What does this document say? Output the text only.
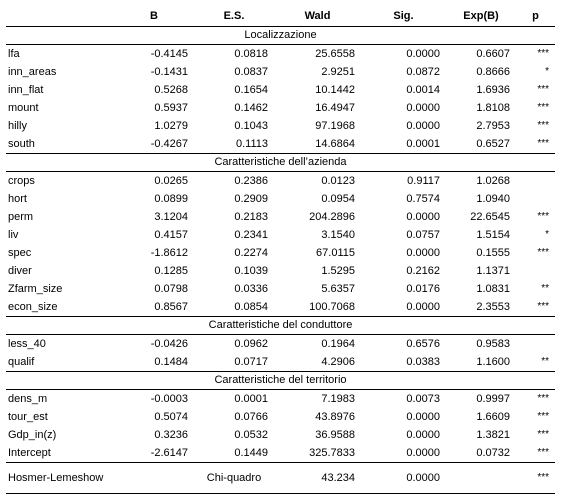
	B	E.S.	Wald	Sig.	Exp(B)	p
Localizzazione						
lfa	-0.4145	0.0818	25.6558	0.0000	0.6607	***
inn_areas	-0.1431	0.0837	2.9251	0.0872	0.8666	*
inn_flat	0.5268	0.1654	10.1442	0.0014	1.6936	***
mount	0.5937	0.1462	16.4947	0.0000	1.8108	***
hilly	1.0279	0.1043	97.1968	0.0000	2.7953	***
south	-0.4267	0.1113	14.6864	0.0001	0.6527	***
Caratteristiche dell’azienda						
crops	0.0265	0.2386	0.0123	0.9117	1.0268	
hort	0.0899	0.2909	0.0954	0.7574	1.0940	
perm	3.1204	0.2183	204.2896	0.0000	22.6545	***
liv	0.4157	0.2341	3.1540	0.0757	1.5154	*
spec	-1.8612	0.2274	67.0115	0.0000	0.1555	***
diver	0.1285	0.1039	1.5295	0.2162	1.1371	
Zfarm_size	0.0798	0.0336	5.6357	0.0176	1.0831	**
econ_size	0.8567	0.0854	100.7068	0.0000	2.3553	***
Caratteristiche del conduttore						
less_40	-0.0426	0.0962	0.1964	0.6576	0.9583	
qualif	0.1484	0.0717	4.2906	0.0383	1.1600	**
Caratteristiche del territorio						
dens_m	-0.0003	0.0001	7.1983	0.0073	0.9997	***
tour_est	0.5074	0.0766	43.8976	0.0000	1.6609	***
Gdp_in(z)	0.3236	0.0532	36.9588	0.0000	1.3821	***
Intercept	-2.6147	0.1449	325.7833	0.0000	0.0732	***
Hosmer-Lemeshow		Chi-quadro	43.234	0.0000		***
